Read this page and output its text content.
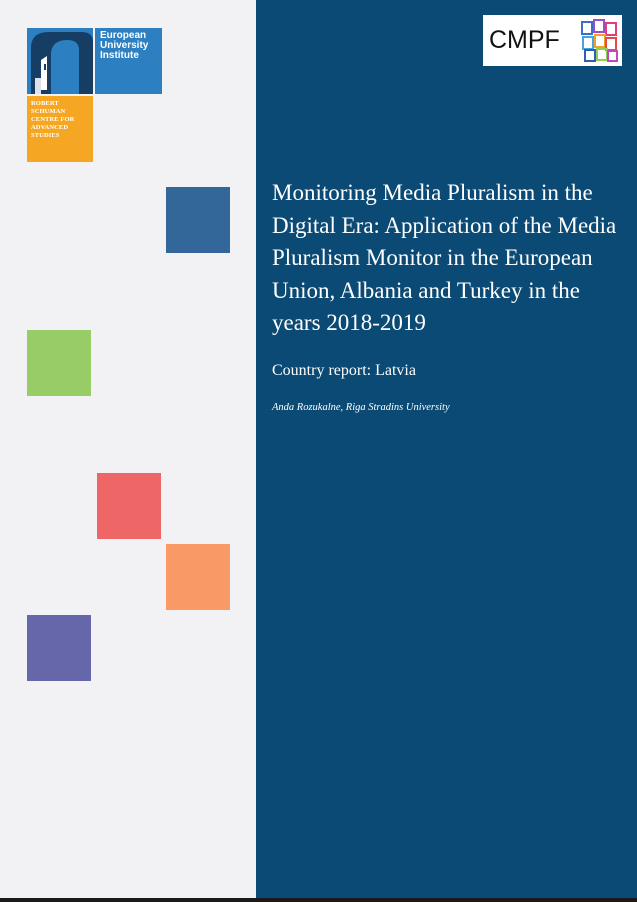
European
University
Institute
ROBERT
SCHUMAN
CENTRE FOR
ADVANCED
STUDIES
CMPF
Monitoring Media Pluralism in the Digital Era: Application of the Media Pluralism Monitor in the European Union, Albania and Turkey in the years 2018-2019
Country report: Latvia
Anda Rozukalne, Riga Stradins University
